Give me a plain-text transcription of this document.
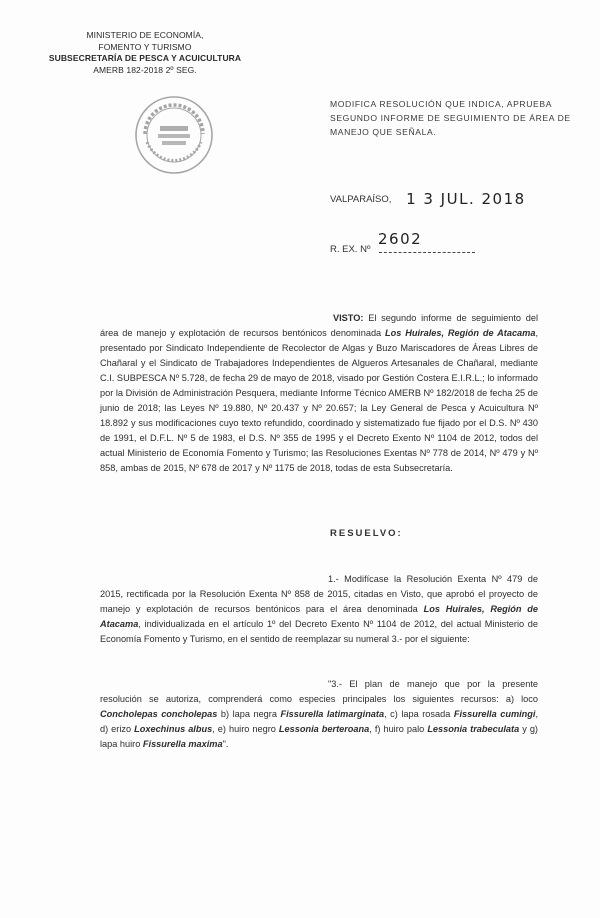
MINISTERIO DE ECONOMÍA,
FOMENTO Y TURISMO
SUBSECRETARÍA DE PESCA Y ACUICULTURA
AMERB 182-2018 2º SEG.
MODIFICA RESOLUCIÓN QUE INDICA, APRUEBA SEGUNDO INFORME DE SEGUIMIENTO DE ÁREA DE MANEJO QUE SEÑALA.
VALPARAÍSO, 1 3 JUL. 2018
R. EX. Nº
2602
VISTO: El segundo informe de seguimiento del área de manejo y explotación de recursos bentónicos denominada Los Huirales, Región de Atacama, presentado por Sindicato Independiente de Recolector de Algas y Buzo Mariscadores de Áreas Libres de Chañaral y el Sindicato de Trabajadores Independientes de Algueros Artesanales de Chañaral, mediante C.I. SUBPESCA Nº 5.728, de fecha 29 de mayo de 2018, visado por Gestión Costera E.I.R.L.; lo informado por la División de Administración Pesquera, mediante Informe Técnico AMERB Nº 182/2018 de fecha 25 de junio de 2018; las Leyes Nº 19.880, Nº 20.437 y Nº 20.657; la Ley General de Pesca y Acuicultura Nº 18.892 y sus modificaciones cuyo texto refundido, coordinado y sistematizado fue fijado por el D.S. Nº 430 de 1991, el D.F.L. Nº 5 de 1983, el D.S. Nº 355 de 1995 y el Decreto Exento Nº 1104 de 2012, todos del actual Ministerio de Economía Fomento y Turismo; las Resoluciones Exentas Nº 778 de 2014, Nº 479 y Nº 858, ambas de 2015, Nº 678 de 2017 y Nº 1175 de 2018, todas de esta Subsecretaría.
RESUELVO:
1.- Modifícase la Resolución Exenta Nº 479 de 2015, rectificada por la Resolución Exenta Nº 858 de 2015, citadas en Visto, que aprobó el proyecto de manejo y explotación de recursos bentónicos para el área denominada Los Huirales, Región de Atacama, individualizada en el artículo 1º del Decreto Exento Nº 1104 de 2012, del actual Ministerio de Economía Fomento y Turismo, en el sentido de reemplazar su numeral 3.- por el siguiente:
"3.- El plan de manejo que por la presente resolución se autoriza, comprenderá como especies principales los siguientes recursos: a) loco Concholepas concholepas b) lapa negra Fissurella latimarginata, c) lapa rosada Fissurella cumingi, d) erizo Loxechinus albus, e) huiro negro Lessonia berteroana, f) huiro palo Lessonia trabeculata y g) lapa huiro Fissurella maxima".
